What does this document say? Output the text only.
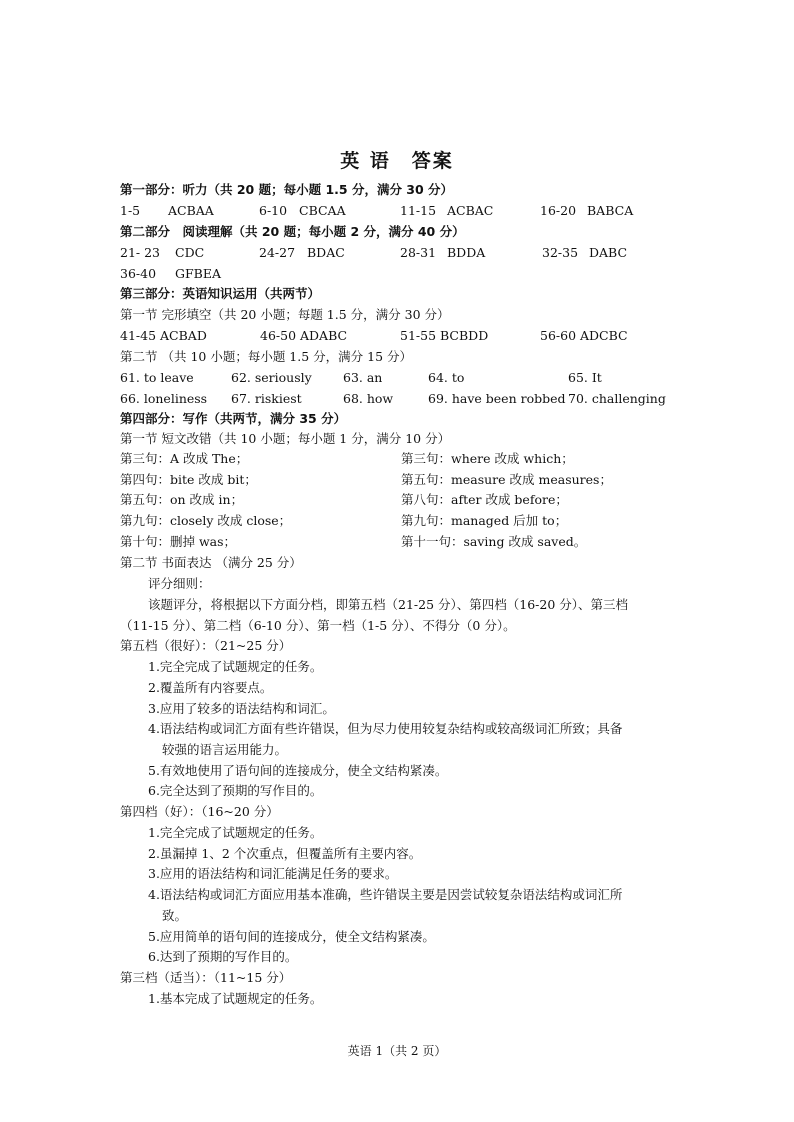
英 语　答案
第一部分：听力（共 20 题；每小题 1.5 分，满分 30 分）
1-5 ACBAA	6-10 CBCAA	11-15 ACBAC	16-20 BABCA
第二部分　阅读理解（共 20 题；每小题 2 分，满分 40 分）
21- 23 CDC	24-27 BDAC	28-31 BDDA	32-35 DABC
36-40 GFBEA
第三部分：英语知识运用（共两节）
第一节 完形填空（共 20 小题；每题 1.5 分，满分 30 分）
41-45 ACBAD	46-50 ADABC	51-55 BCBDD	56-60 ADCBC
第二节 （共 10 小题；每小题 1.5 分，满分 15 分）
61. to leave	62. seriously	63. an	64. to	65. It
66. loneliness 67. riskiest	68. how	69. have been robbed 70. challenging
第四部分：写作（共两节，满分 35 分）
第一节 短文改错（共 10 小题；每小题 1 分，满分 10 分）
第三句：A 改成 The；	第三句：where 改成 which；
第四句：bite 改成 bit；	第五句：measure 改成 measures；
第五句：on 改成 in；	第八句：after 改成 before；
第九句：closely 改成 close；	第九句：managed 后加 to；
第十句：删掉 was；	第十一句：saving 改成 saved。
第二节 书面表达 （满分 25 分）
评分细则：
该题评分，将根据以下方面分档，即第五档（21-25 分）、第四档（16-20 分）、第三档
（11-15 分）、第二档（6-10 分）、第一档（1-5 分）、不得分（0 分）。
第五档（很好）：（21~25 分）
1.完全完成了试题规定的任务。
2.覆盖所有内容要点。
3.应用了较多的语法结构和词汇。
4.语法结构或词汇方面有些许错误，但为尽力使用较复杂结构或较高级词汇所致；具备
较强的语言运用能力。
5.有效地使用了语句间的连接成分，使全文结构紧凑。
6.完全达到了预期的写作目的。
第四档（好）：（16~20 分）
1.完全完成了试题规定的任务。
2.虽漏掉 1、2 个次重点，但覆盖所有主要内容。
3.应用的语法结构和词汇能满足任务的要求。
4.语法结构或词汇方面应用基本准确，些许错误主要是因尝试较复杂语法结构或词汇所
致。
5.应用简单的语句间的连接成分，使全文结构紧凑。
6.达到了预期的写作目的。
第三档（适当）：（11~15 分）
1.基本完成了试题规定的任务。
英语 1（共 2 页）
